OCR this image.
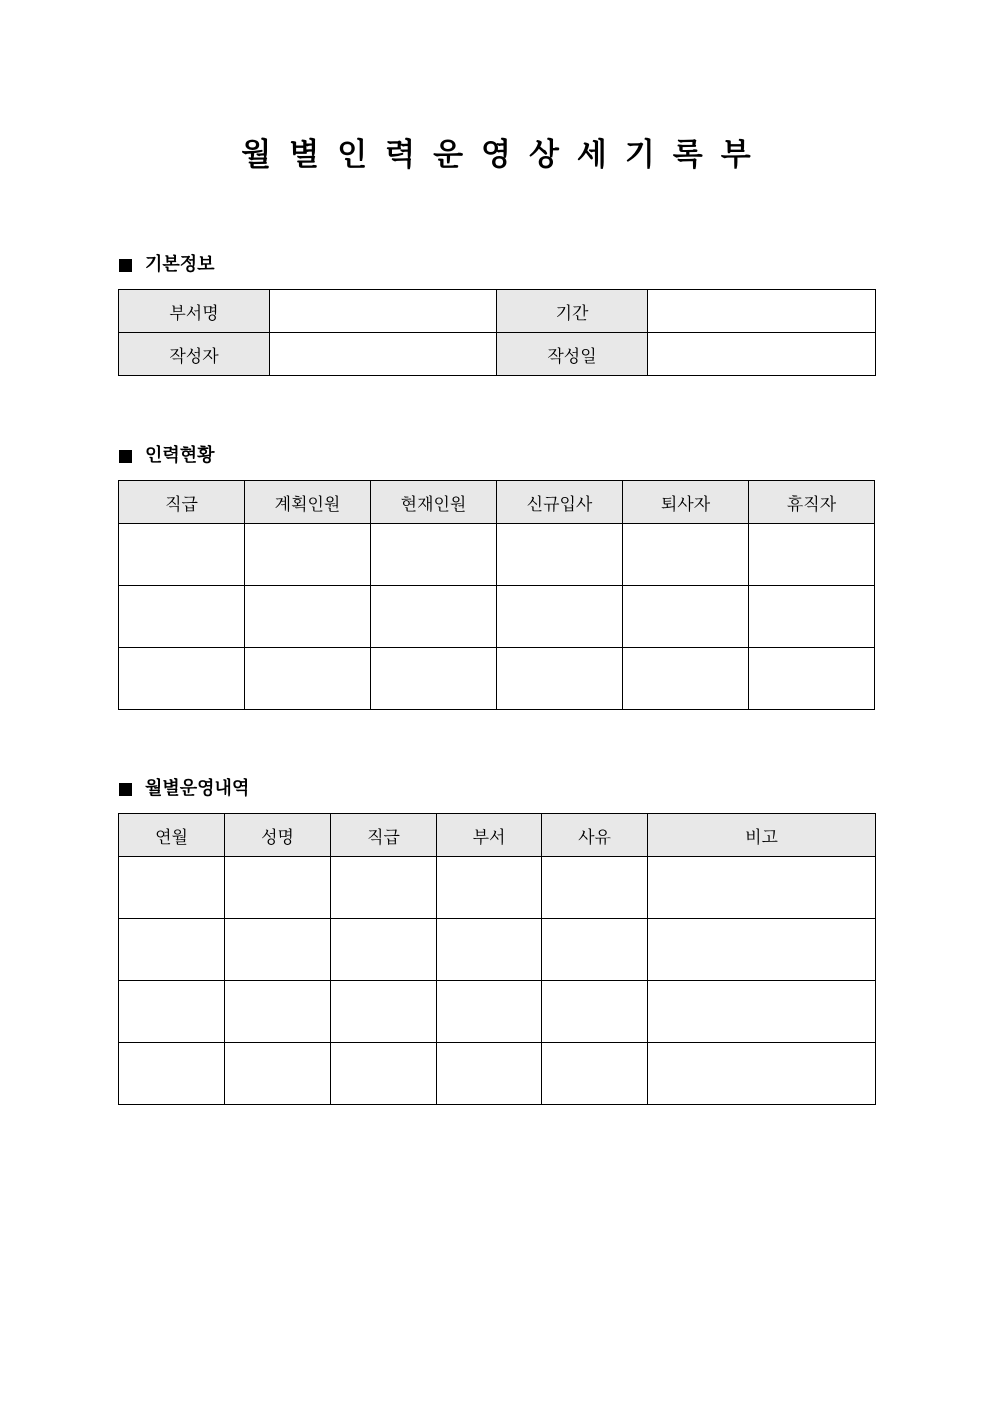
월별인력운영상세기록부
기본정보
부서명		기간	
작성자		작성일	
인력현황
직급	계획인원	현재인원	신규입사	퇴사자	휴직자

월별운영내역
연월	성명	직급	부서	사유	비고
